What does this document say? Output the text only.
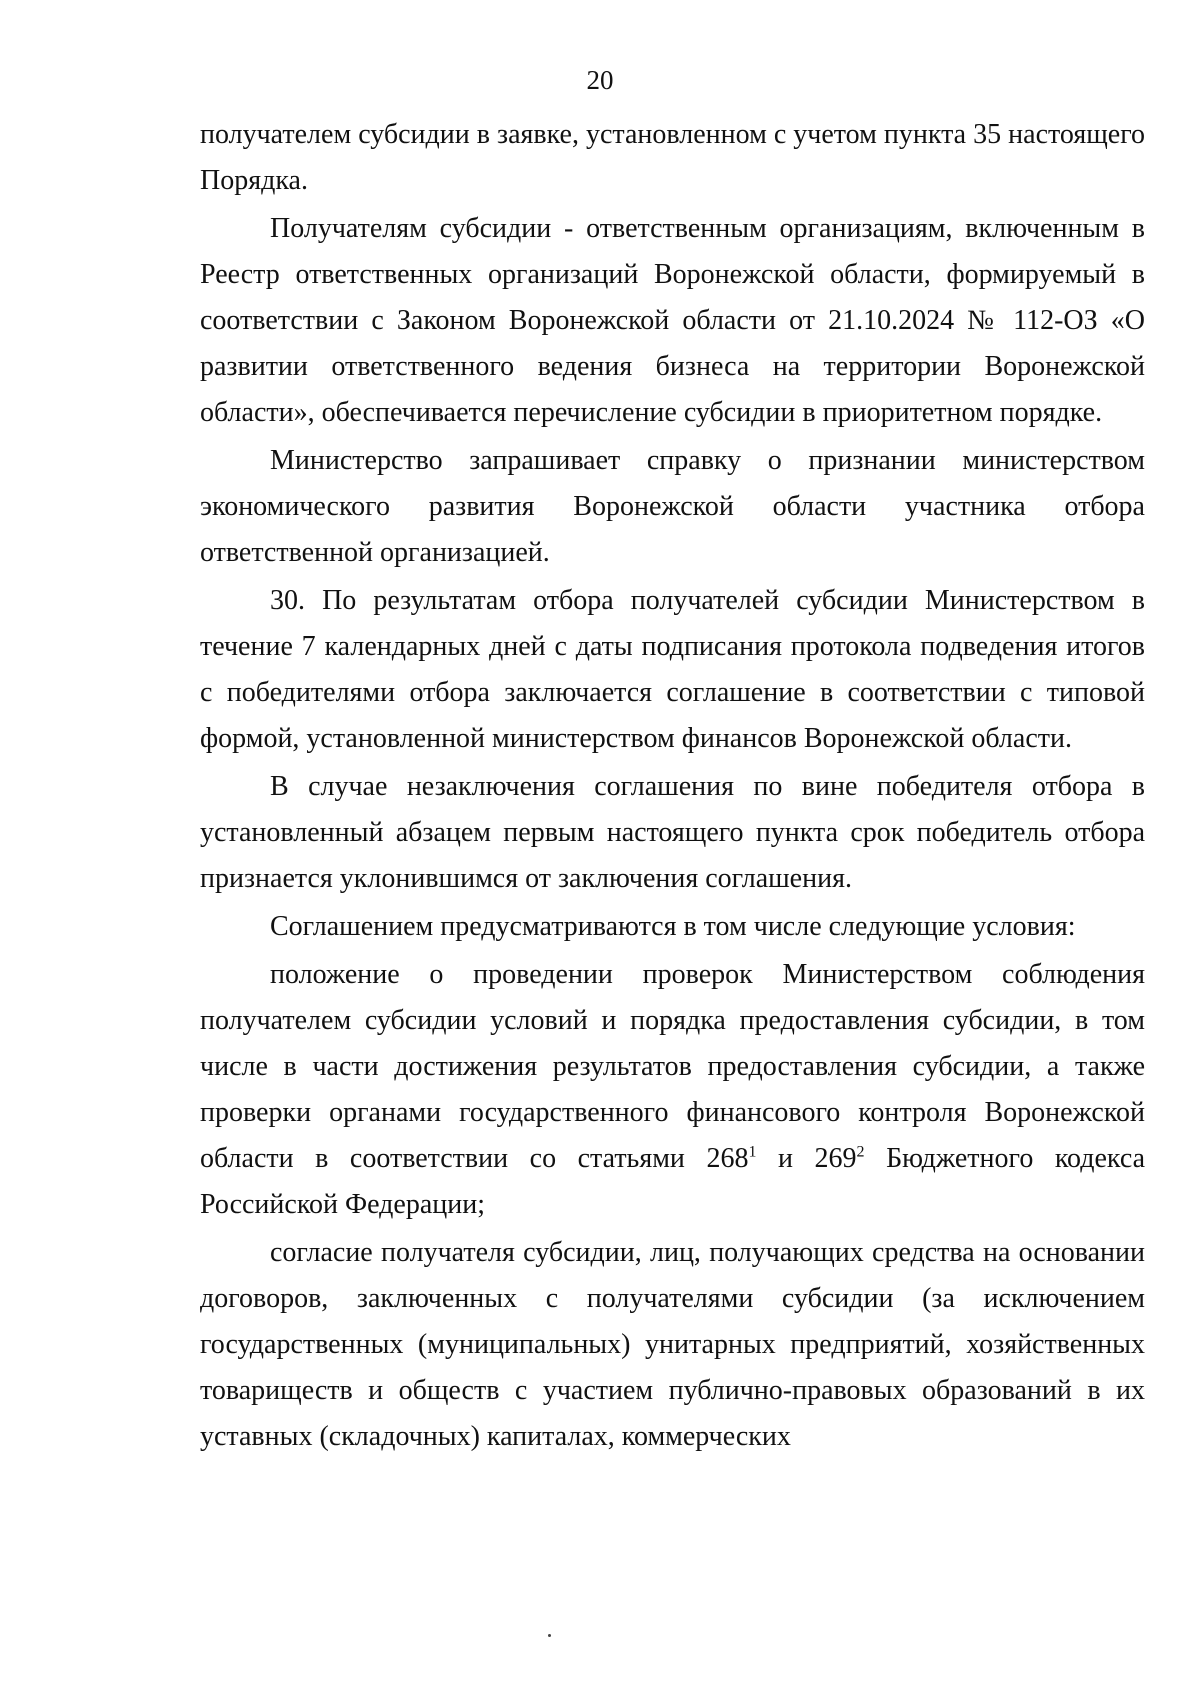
20

получателем субсидии в заявке, установленном с учетом пункта 35 настоящего Порядка.

Получателям субсидии - ответственным организациям, включенным в Реестр ответственных организаций Воронежской области, формируемый в соответствии с Законом Воронежской области от 21.10.2024 № 112-ОЗ «О развитии ответственного ведения бизнеса на территории Воронежской области», обеспечивается перечисление субсидии в приоритетном порядке.

Министерство запрашивает справку о признании министерством экономического развития Воронежской области участника отбора ответственной организацией.

30. По результатам отбора получателей субсидии Министерством в течение 7 календарных дней с даты подписания протокола подведения итогов с победителями отбора заключается соглашение в соответствии с типовой формой, установленной министерством финансов Воронежской области.

В случае незаключения соглашения по вине победителя отбора в установленный абзацем первым настоящего пункта срок победитель отбора признается уклонившимся от заключения соглашения.

Соглашением предусматриваются в том числе следующие условия:

положение о проведении проверок Министерством соблюдения получателем субсидии условий и порядка предоставления субсидии, в том числе в части достижения результатов предоставления субсидии, а также проверки органами государственного финансового контроля Воронежской области в соответствии со статьями $268^1$ и $269^2$ Бюджетного кодекса Российской Федерации;

согласие получателя субсидии, лиц, получающих средства на основании договоров, заключенных с получателями субсидии (за исключением государственных (муниципальных) унитарных предприятий, хозяйственных товариществ и обществ с участием публично-правовых образований в их уставных (складочных) капиталах, коммерческих
